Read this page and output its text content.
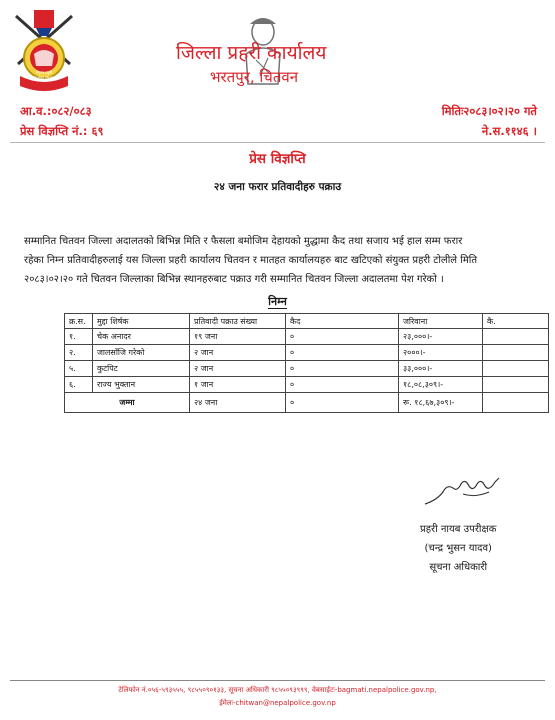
नेपाल प्रहरी
सत्य सेवा सुरक्षणम्
जिल्ला प्रहरी कार्यालय
भरतपुर, चितवन
आ.व.:०८२/०८३
प्रेस विज्ञप्ति नं.: ६९
मितिः२०८३।०२।२० गते
ने.स.११४६ ।
प्रेस विज्ञप्ति
२४ जना फरार प्रतिवादीहरु पक्राउ
सम्मानित चितवन जिल्ला अदालतको बिभिन्न मिति र फैसला बमोजिम देहायको मुद्धामा कैद तथा सजाय भई हाल सम्म फरार
रहेका निम्न प्रतिवादीहरुलाई यस जिल्ला प्रहरी कार्यालय चितवन र मातहत कार्यालयहरु बाट खटिएको संयुक्त प्रहरी टोलीले मिति
२०८३।०२।२० गते चितवन जिल्लाका बिभिन्न स्थानहरुबाट पक्राउ गरी सम्मानित चितवन जिल्ला अदालतमा पेश गरेको ।
निम्न
क्र.स.	मुद्दा शिर्षक	प्रतिवादी पक्राउ संख्या	कैद	जरिवाना	कै.
१.	चेक अनादर	१९ जना	०	२३,०००।-	
२.	जालसाँजि गरेको	२ जान	०	२०००।-	
५.	कुटपिट	२ जान	०	३३,०००।-	
६.	राज्य भुक्तान	१ जान	०	१८,०८,३०९।-	
जम्मा		२४ जना	०	रू. १८,६७,३०९।-	
प्रहरी नायब उपरीक्षक
(चन्द्र भुसन यादव)
सूचना अधिकारी
टेलिफोन नं.०५६-५९३५५५, ९८५५०९०१३३, सूचना अधिकारी ९८५५०९३९९९, वेबसाईटः-bagmati.nepalpolice.gov.np,
ईमेलः-chitwan@nepalpolice.gov.np
